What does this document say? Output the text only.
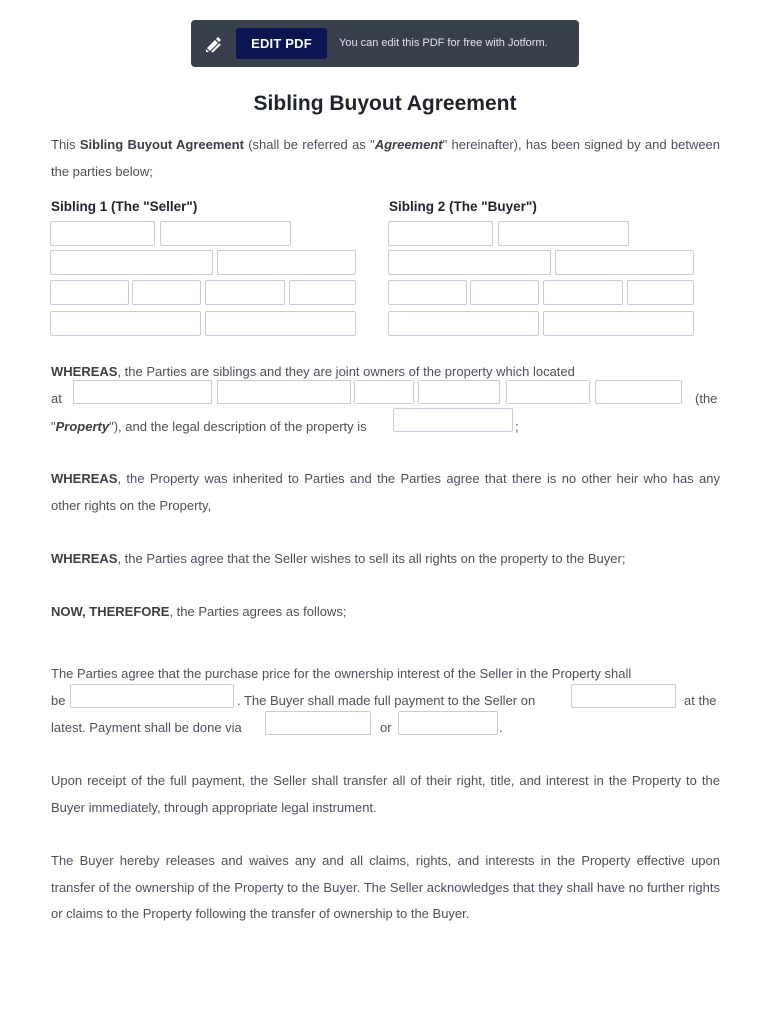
EDIT PDF	You can edit this PDF for free with Jotform.
Sibling Buyout Agreement
This Sibling Buyout Agreement (shall be referred as "Agreement" hereinafter), has been signed by and between the parties below;
Sibling 1 (The "Seller")	Sibling 2 (The "Buyer")
WHEREAS, the Parties are siblings and they are joint owners of the property which located
at	(the
"Property"), and the legal description of the property is	;
WHEREAS, the Property was inherited to Parties and the Parties agree that there is no other heir who has any other rights on the Property,
WHEREAS, the Parties agree that the Seller wishes to sell its all rights on the property to the Buyer;
NOW, THEREFORE, the Parties agrees as follows;
The Parties agree that the purchase price for the ownership interest of the Seller in the Property shall
be	. The Buyer shall made full payment to the Seller on	at the
latest. Payment shall be done via	or	.
Upon receipt of the full payment, the Seller shall transfer all of their right, title, and interest in the Property to the Buyer immediately, through appropriate legal instrument.
The Buyer hereby releases and waives any and all claims, rights, and interests in the Property effective upon transfer of the ownership of the Property to the Buyer. The Seller acknowledges that they shall have no further rights or claims to the Property following the transfer of ownership to the Buyer.
